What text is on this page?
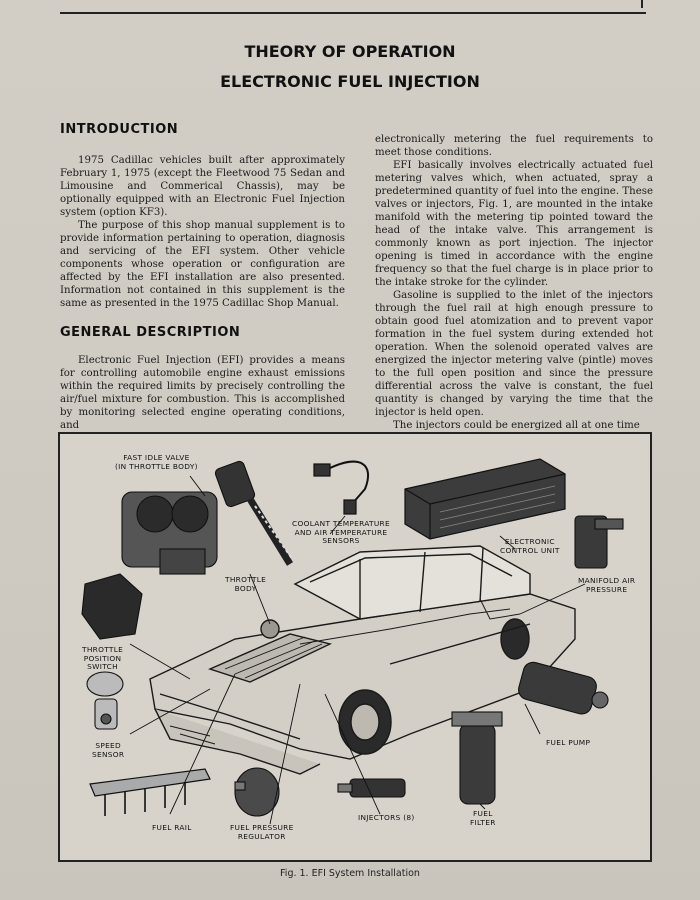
THEORY OF OPERATION
ELECTRONIC FUEL INJECTION
INTRODUCTION

1975 Cadillac vehicles built after approximately February 1, 1975 (except the Fleetwood 75 Sedan and Limousine and Commerical Chassis), may be optionally equipped with an Electronic Fuel Injection system (option KF3).

The purpose of this shop manual supplement is to provide information pertaining to operation, diagnosis and servicing of the EFI system. Other vehicle components whose operation or configuration are affected by the EFI installation are also presented. Information not contained in this supplement is the same as presented in the 1975 Cadillac Shop Manual.

GENERAL DESCRIPTION

Electronic Fuel Injection (EFI) provides a means for controlling automobile engine exhaust emissions within the required limits by precisely controlling the air/fuel mixture for combustion. This is accomplished by monitoring selected engine operating conditions, and

electronically metering the fuel requirements to meet those conditions.

EFI basically involves electrically actuated fuel metering valves which, when actuated, spray a predetermined quantity of fuel into the engine. These valves or injectors, Fig. 1, are mounted in the intake manifold with the metering tip pointed toward the head of the intake valve. This arrangement is commonly known as port injection. The injector opening is timed in accordance with the engine frequency so that the fuel charge is in place prior to the intake stroke for the cylinder.

Gasoline is supplied to the inlet of the injectors through the fuel rail at high enough pressure to obtain good fuel atomization and to prevent vapor formation in the fuel system during extended hot operation. When the solenoid operated valves are energized the injector metering valve (pintle) moves to the full open position and since the pressure differential across the valve is constant, the fuel quantity is changed by varying the time that the injector is held open.

The injectors could be energized all at one time

FAST IDLE VALVE
(IN THROTTLE BODY)
COOLANT TEMPERATURE
AND AIR TEMPERATURE
SENSORS	ELECTRONIC
CONTROL UNIT
MANIFOLD AIR
PRESSURE
THROTTLE
BODY
THROTTLE
POSITION
SWITCH
SPEED
SENSOR
FUEL PUMP
FUEL RAIL	FUEL PRESSURE
REGULATOR
INJECTORS (8)	FUEL
FILTER
Fig. 1. EFI System Installation
